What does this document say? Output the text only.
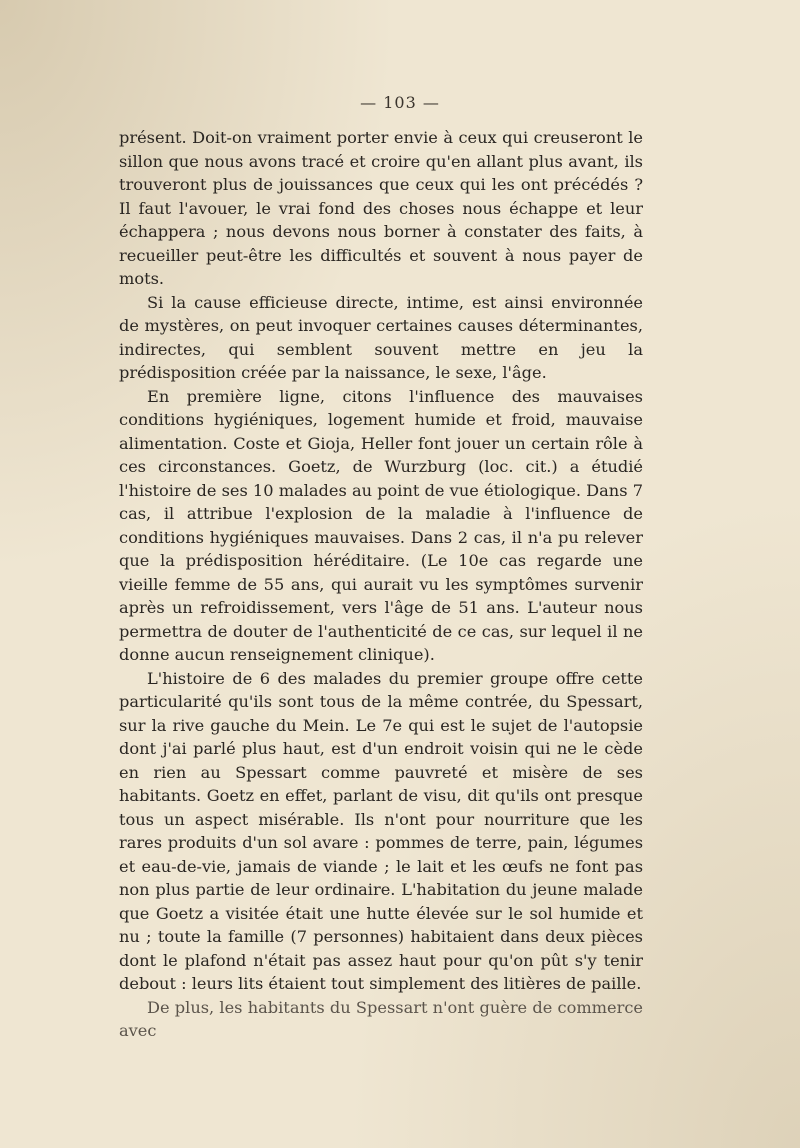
— 103 —

présent. Doit-on vraiment porter envie à ceux qui creuseront le sillon que nous avons tracé et croire qu'en allant plus avant, ils trouveront plus de jouissances que ceux qui les ont précédés ? Il faut l'avouer, le vrai fond des choses nous échappe et leur échappera ; nous devons nous borner à constater des faits, à recueiller peut-être les difficultés et souvent à nous payer de mots.

Si la cause efficieuse directe, intime, est ainsi environnée de mystères, on peut invoquer certaines causes déterminantes, indirectes, qui semblent souvent mettre en jeu la prédisposition créée par la naissance, le sexe, l'âge.

En première ligne, citons l'influence des mauvaises conditions hygiéniques, logement humide et froid, mauvaise alimentation. Coste et Gioja, Heller font jouer un certain rôle à ces circonstances. Goetz, de Wurzburg (loc. cit.) a étudié l'histoire de ses 10 malades au point de vue étiologique. Dans 7 cas, il attribue l'explosion de la maladie à l'influence de conditions hygiéniques mauvaises. Dans 2 cas, il n'a pu relever que la prédisposition héréditaire. (Le 10e cas regarde une vieille femme de 55 ans, qui aurait vu les symptômes survenir après un refroidissement, vers l'âge de 51 ans. L'auteur nous permettra de douter de l'authenticité de ce cas, sur lequel il ne donne aucun renseignement clinique).

L'histoire de 6 des malades du premier groupe offre cette particularité qu'ils sont tous de la même contrée, du Spessart, sur la rive gauche du Mein. Le 7e qui est le sujet de l'autopsie dont j'ai parlé plus haut, est d'un endroit voisin qui ne le cède en rien au Spessart comme pauvreté et misère de ses habitants. Goetz en effet, parlant de visu, dit qu'ils ont presque tous un aspect misérable. Ils n'ont pour nourriture que les rares produits d'un sol avare : pommes de terre, pain, légumes et eau-de-vie, jamais de viande ; le lait et les œufs ne font pas non plus partie de leur ordinaire. L'habitation du jeune malade que Goetz a visitée était une hutte élevée sur le sol humide et nu ; toute la famille (7 personnes) habitaient dans deux pièces dont le plafond n'était pas assez haut pour qu'on pût s'y tenir debout : leurs lits étaient tout simplement des litières de paille.

De plus, les habitants du Spessart n'ont guère de commerce avec
